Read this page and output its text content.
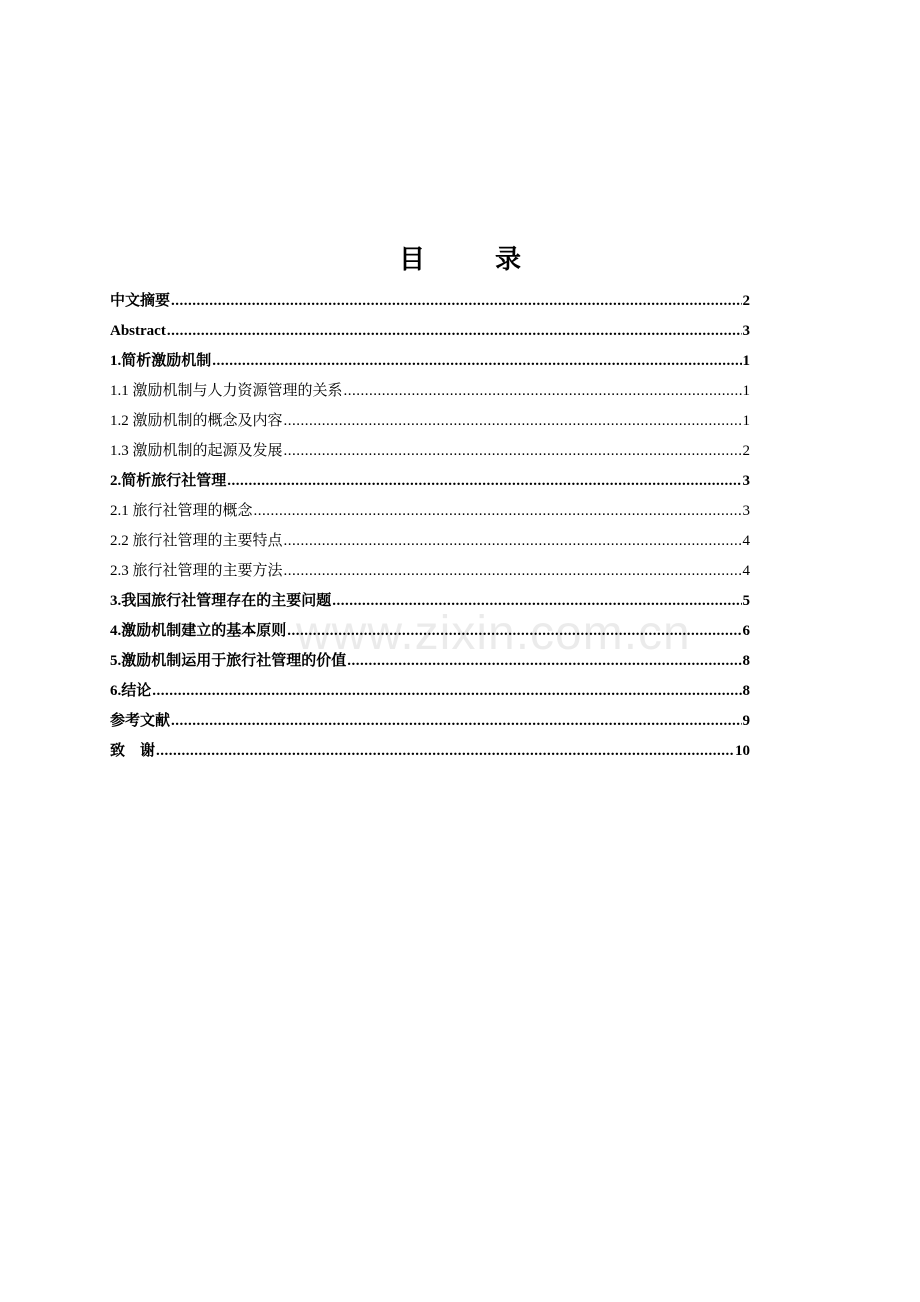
目　录
中文摘要 .....	2
Abstract .....	3
1.简析激励机制 .....	1
1.1 激励机制与人力资源管理的关系 .....	1
1.2 激励机制的概念及内容 .....	1
1.3 激励机制的起源及发展 .....	2
2.简析旅行社管理 .....	3
2.1 旅行社管理的概念 .....	3
2.2 旅行社管理的主要特点 .....	4
2.3 旅行社管理的主要方法 .....	4
3.我国旅行社管理存在的主要问题 .....	5
4.激励机制建立的基本原则 .....	6
5.激励机制运用于旅行社管理的价值 .....	8
6.结论 .....	8
参考文献 .....	9
致　谢 .....	10
www.zixin.com.cn
